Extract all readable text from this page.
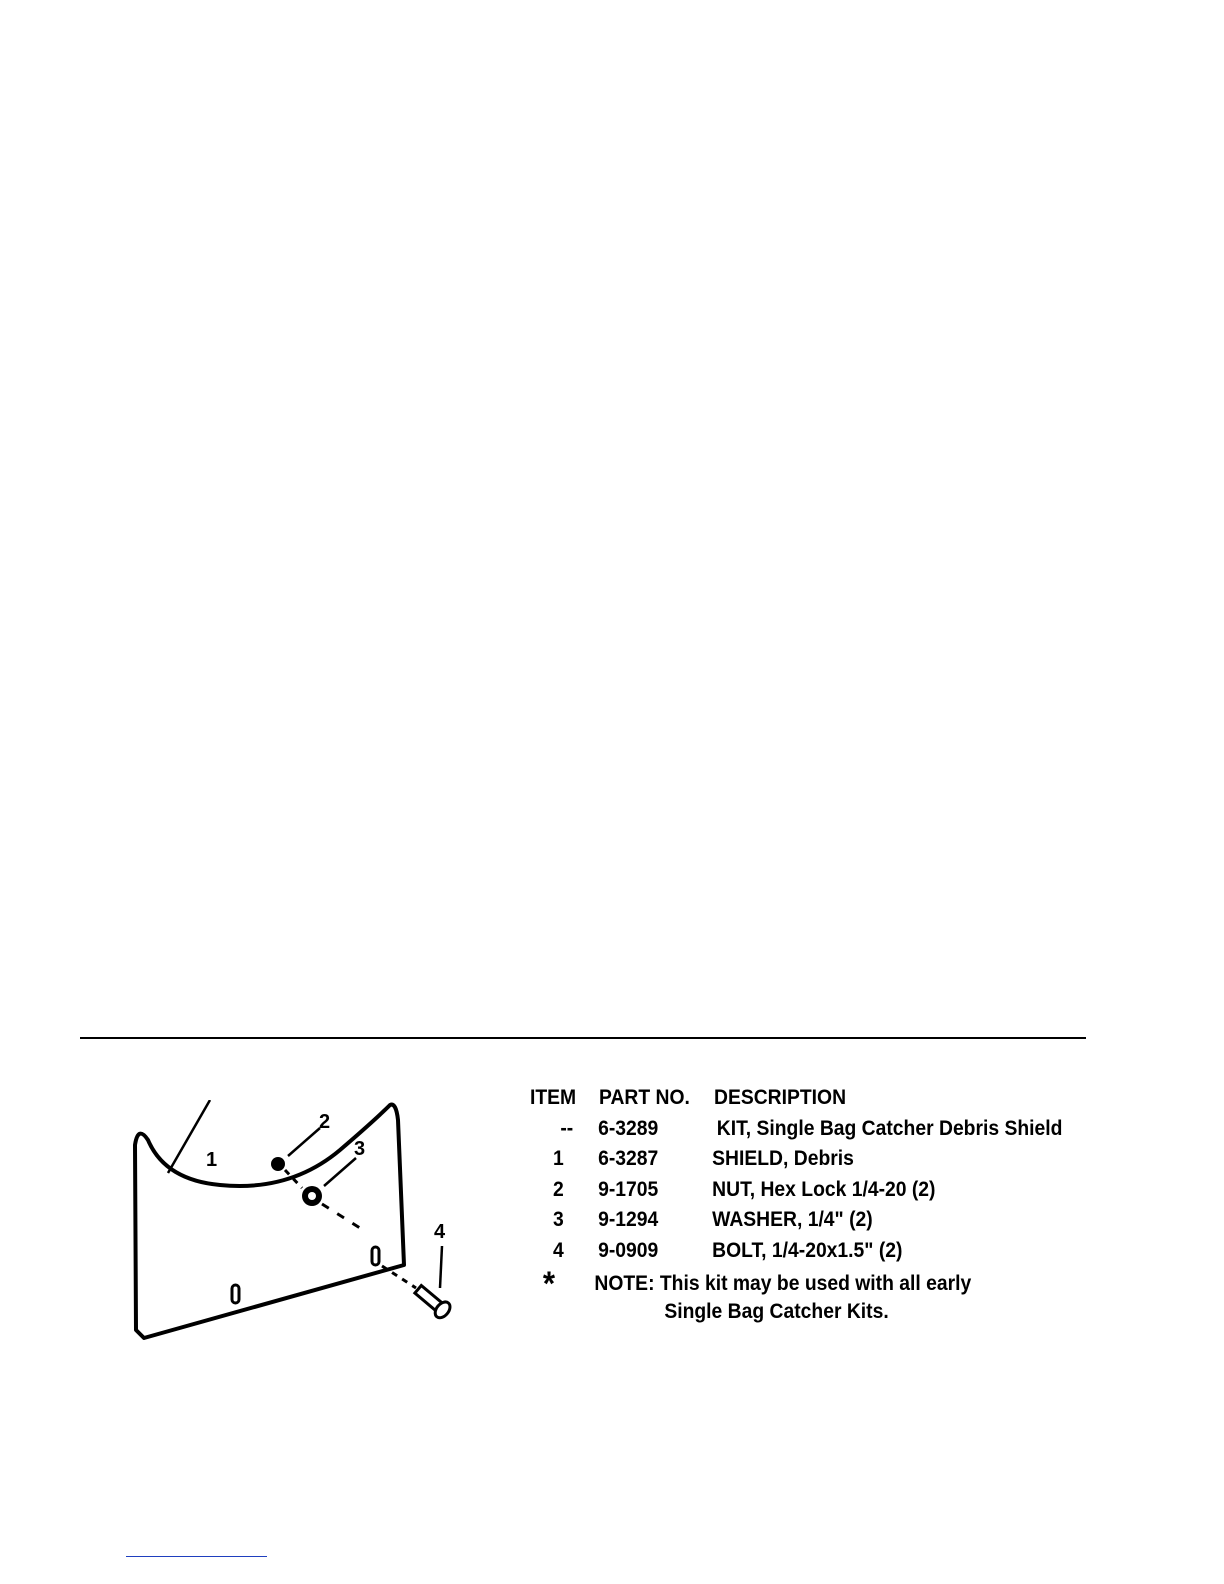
1
2
3
4
ITEM PART NO. DESCRIPTION
-- 6-3289	KIT, Single Bag Catcher Debris Shield
1 6-3287	SHIELD, Debris
2 9-1705	NUT, Hex Lock 1/4-20 (2)
3 9-1294	WASHER, 1/4" (2)
4 9-0909	BOLT, 1/4-20x1.5" (2)
* NOTE: This kit may be used with all early
Single Bag Catcher Kits.
